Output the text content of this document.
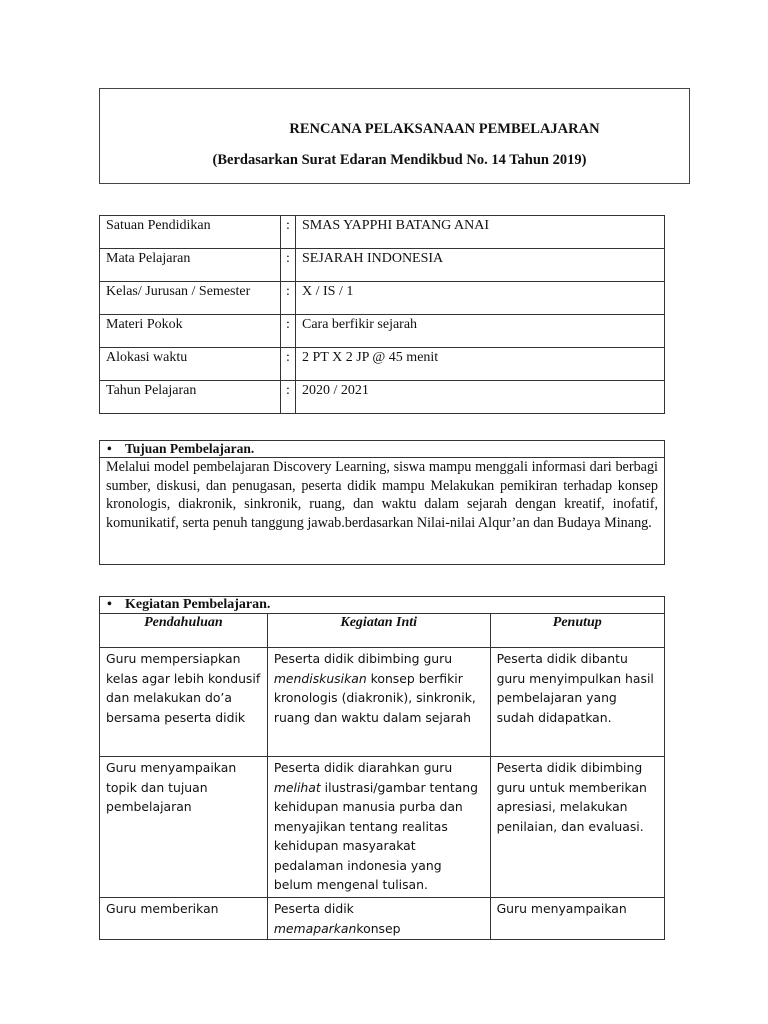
RENCANA PELAKSANAAN PEMBELAJARAN
(Berdasarkan Surat Edaran Mendikbud No. 14 Tahun 2019)
Satuan Pendidikan	:	SMAS YAPPHI BATANG ANAI
Mata Pelajaran	:	SEJARAH INDONESIA
Kelas/ Jurusan / Semester	:	X / IS / 1
Materi Pokok	:	Cara berfikir sejarah
Alokasi waktu	:	2 PT X 2 JP @ 45 menit
Tahun Pelajaran	:	2020 / 2021
• Tujuan Pembelajaran.
Melalui model pembelajaran Discovery Learning, siswa mampu menggali informasi dari berbagi sumber, diskusi, dan penugasan, peserta didik mampu Melakukan pemikiran terhadap konsep kronologis, diakronik, sinkronik, ruang, dan waktu dalam sejarah dengan kreatif, inofatif, komunikatif, serta penuh tanggung jawab.berdasarkan Nilai-nilai Alqur’an dan Budaya Minang.
• Kegiatan Pembelajaran.		
Pendahuluan	Kegiatan Inti	Penutup
Guru mempersiapkan kelas agar lebih kondusif dan melakukan do’a bersama peserta didik	Peserta didik dibimbing guru mendiskusikan konsep berfikir kronologis (diakronik), sinkronik, ruang dan waktu dalam sejarah	Peserta didik dibantu guru menyimpulkan hasil pembelajaran yang sudah didapatkan.
Guru menyampaikan topik dan tujuan pembelajaran	Peserta didik diarahkan guru melihat ilustrasi/gambar tentang kehidupan manusia purba dan menyajikan tentang realitas kehidupan masyarakat pedalaman indonesia yang belum mengenal tulisan.	Peserta didik dibimbing guru untuk memberikan apresiasi, melakukan penilaian, dan evaluasi.
Guru memberikan	Peserta didik memaparkankonsep	Guru menyampaikan
